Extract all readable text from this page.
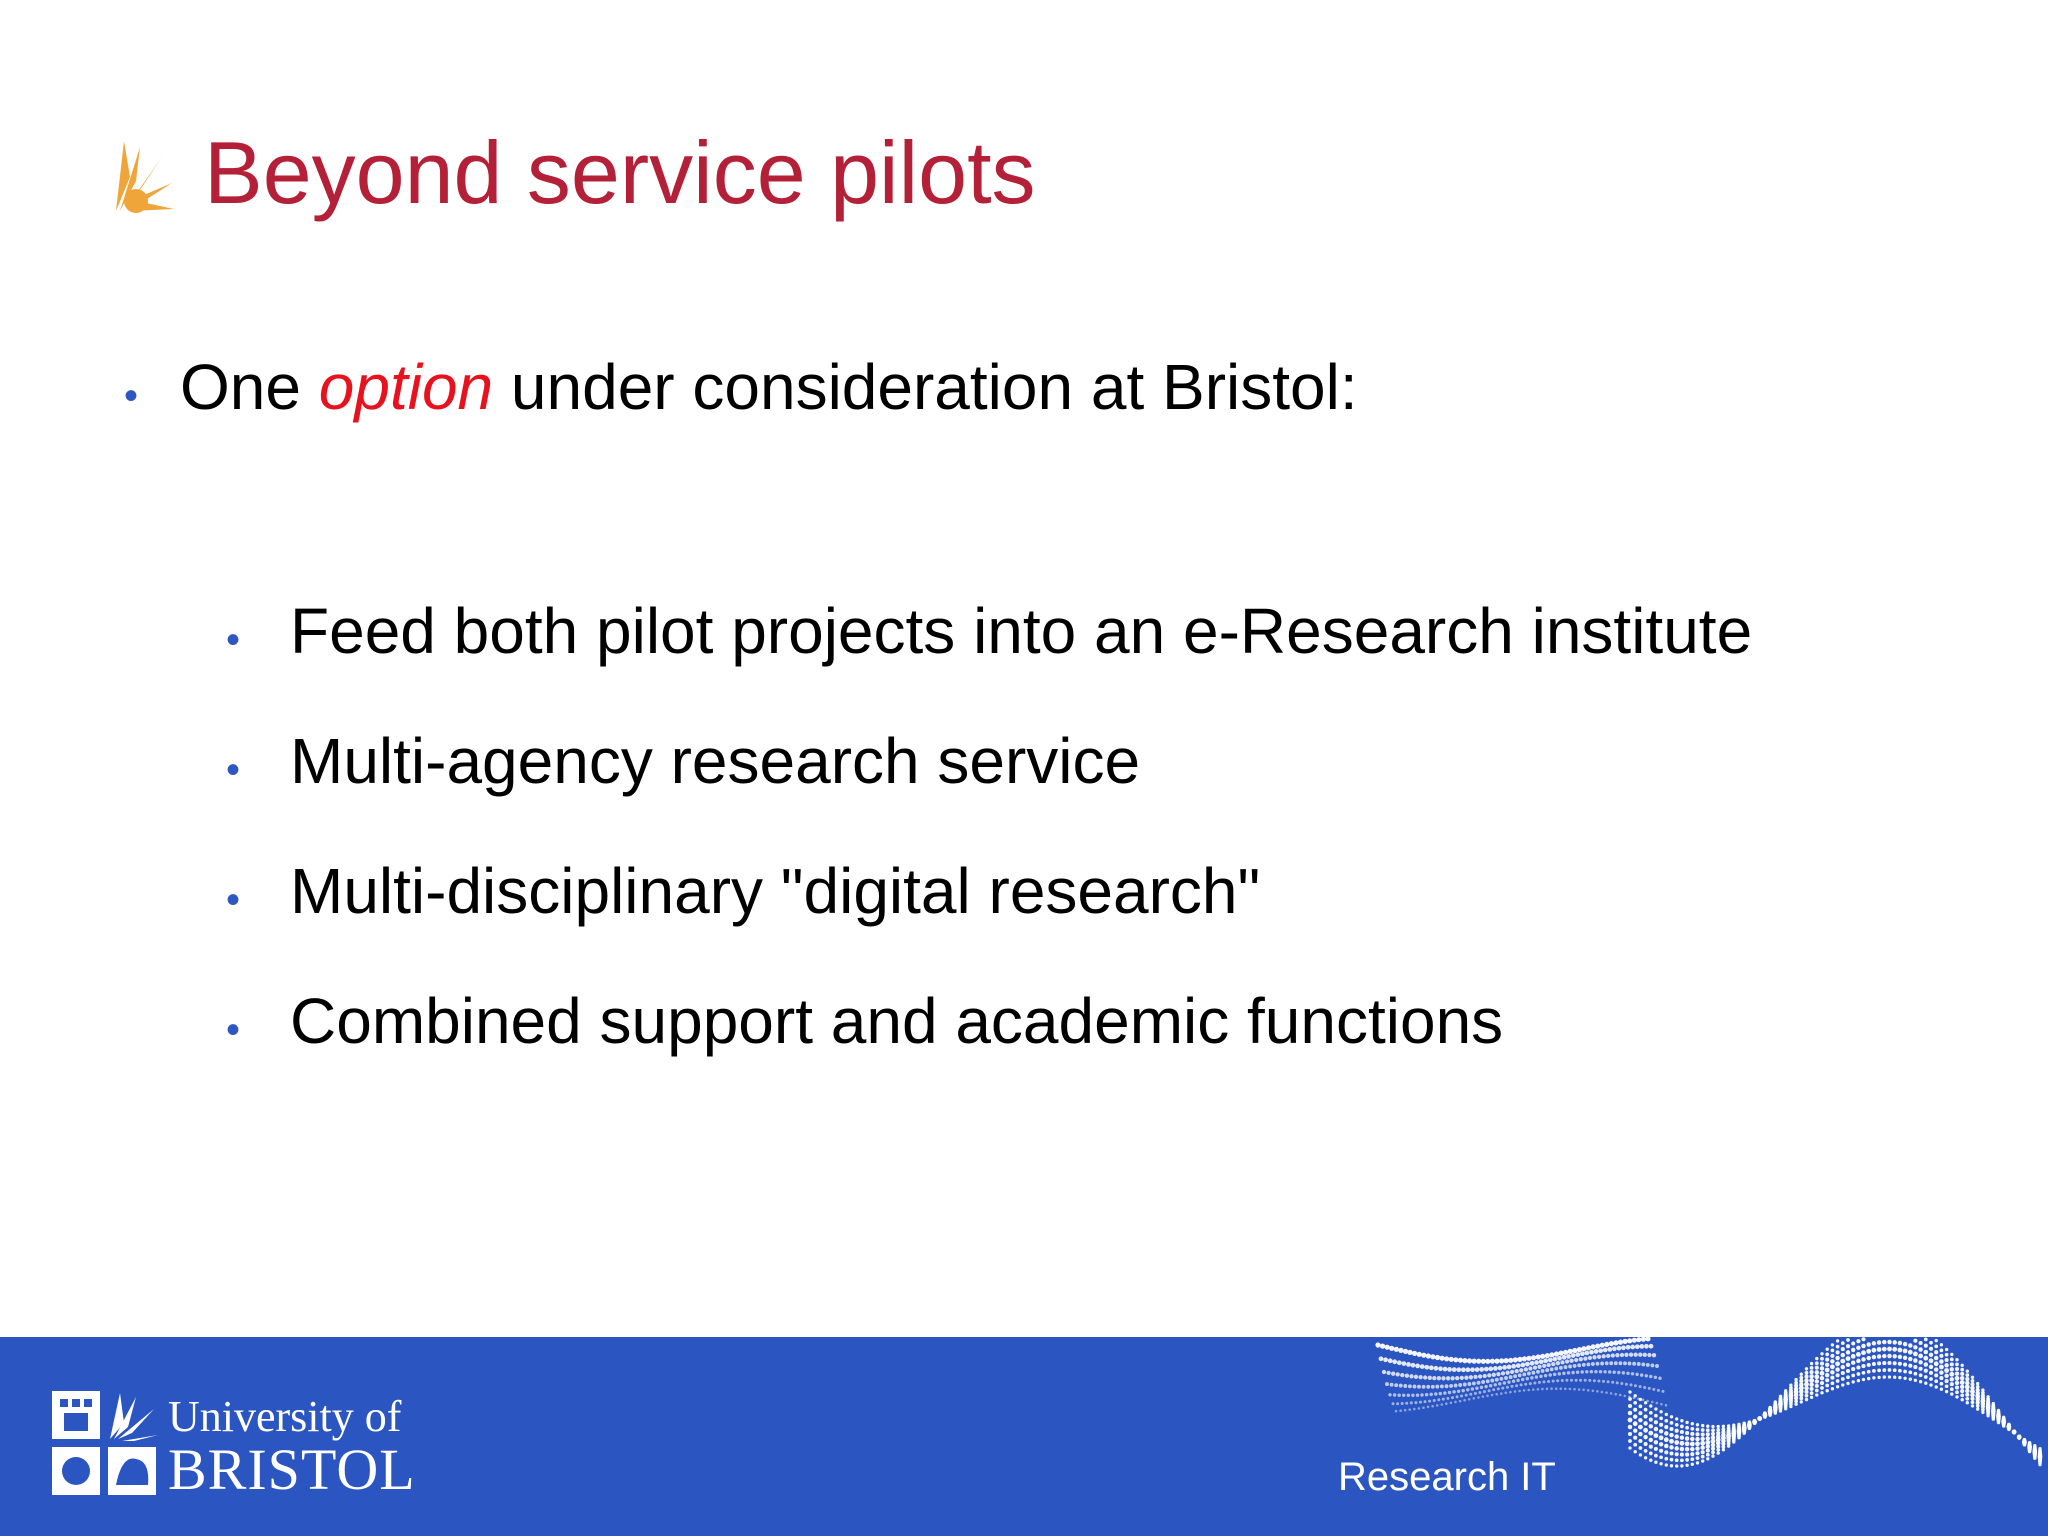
Beyond service pilots
• One option under consideration at Bristol:
• Feed both pilot projects into an e-Research institute
• Multi-agency research service
• Multi-disciplinary "digital research"
• Combined support and academic functions
University of
BRISTOL	Research IT
